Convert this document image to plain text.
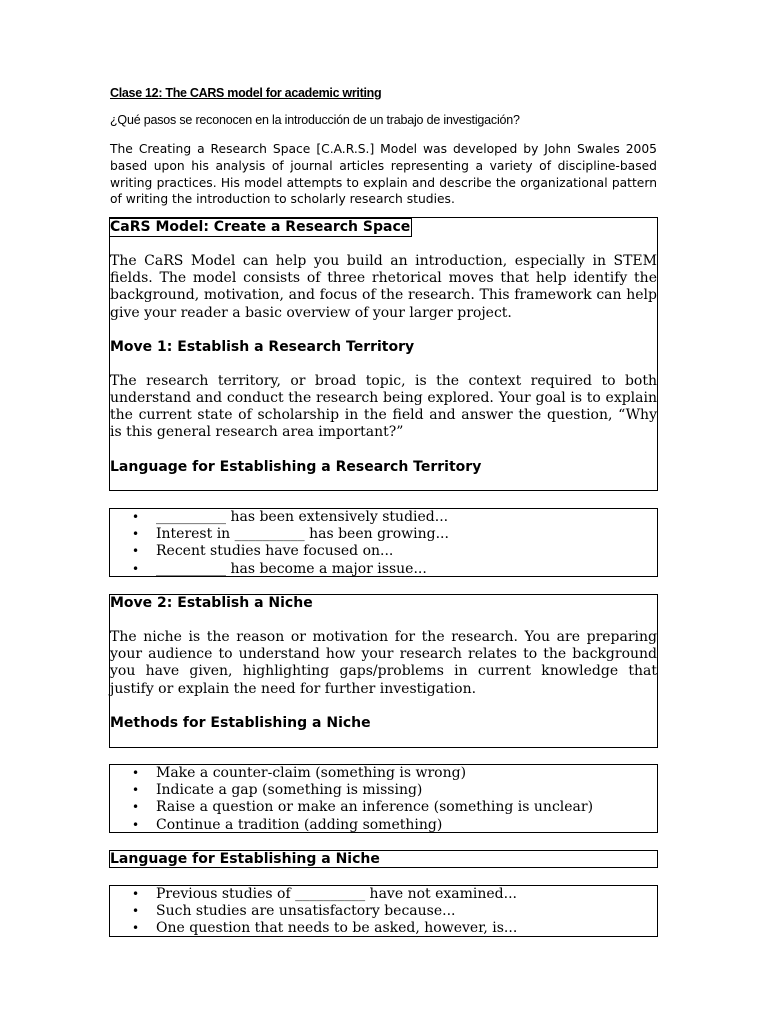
Clase 12: The CARS model for academic writing
¿Qué pasos se reconocen en la introducción de un trabajo de investigación?
The Creating a Research Space [C.A.R.S.] Model was developed by John Swales 2005 based upon his analysis of journal articles representing a variety of discipline-based writing practices. His model attempts to explain and describe the organizational pattern of writing the introduction to scholarly research studies.
CaRS Model: Create a Research Space

The CaRS Model can help you build an introduction, especially in STEM fields. The model consists of three rhetorical moves that help identify the background, motivation, and focus of the research. This framework can help give your reader a basic overview of your larger project.

Move 1: Establish a Research Territory

The research territory, or broad topic, is the context required to both understand and conduct the research being explored. Your goal is to explain the current state of scholarship in the field and answer the question, “Why is this general research area important?”

Language for Establishing a Research Territory
• __________ has been extensively studied...
• Interest in __________ has been growing...
• Recent studies have focused on...
• __________ has become a major issue...
Move 2: Establish a Niche

The niche is the reason or motivation for the research. You are preparing your audience to understand how your research relates to the background you have given, highlighting gaps/problems in current knowledge that justify or explain the need for further investigation.

Methods for Establishing a Niche
• Make a counter-claim (something is wrong)
• Indicate a gap (something is missing)
• Raise a question or make an inference (something is unclear)
• Continue a tradition (adding something)
Language for Establishing a Niche
• Previous studies of __________ have not examined...
• Such studies are unsatisfactory because...
• One question that needs to be asked, however, is...
